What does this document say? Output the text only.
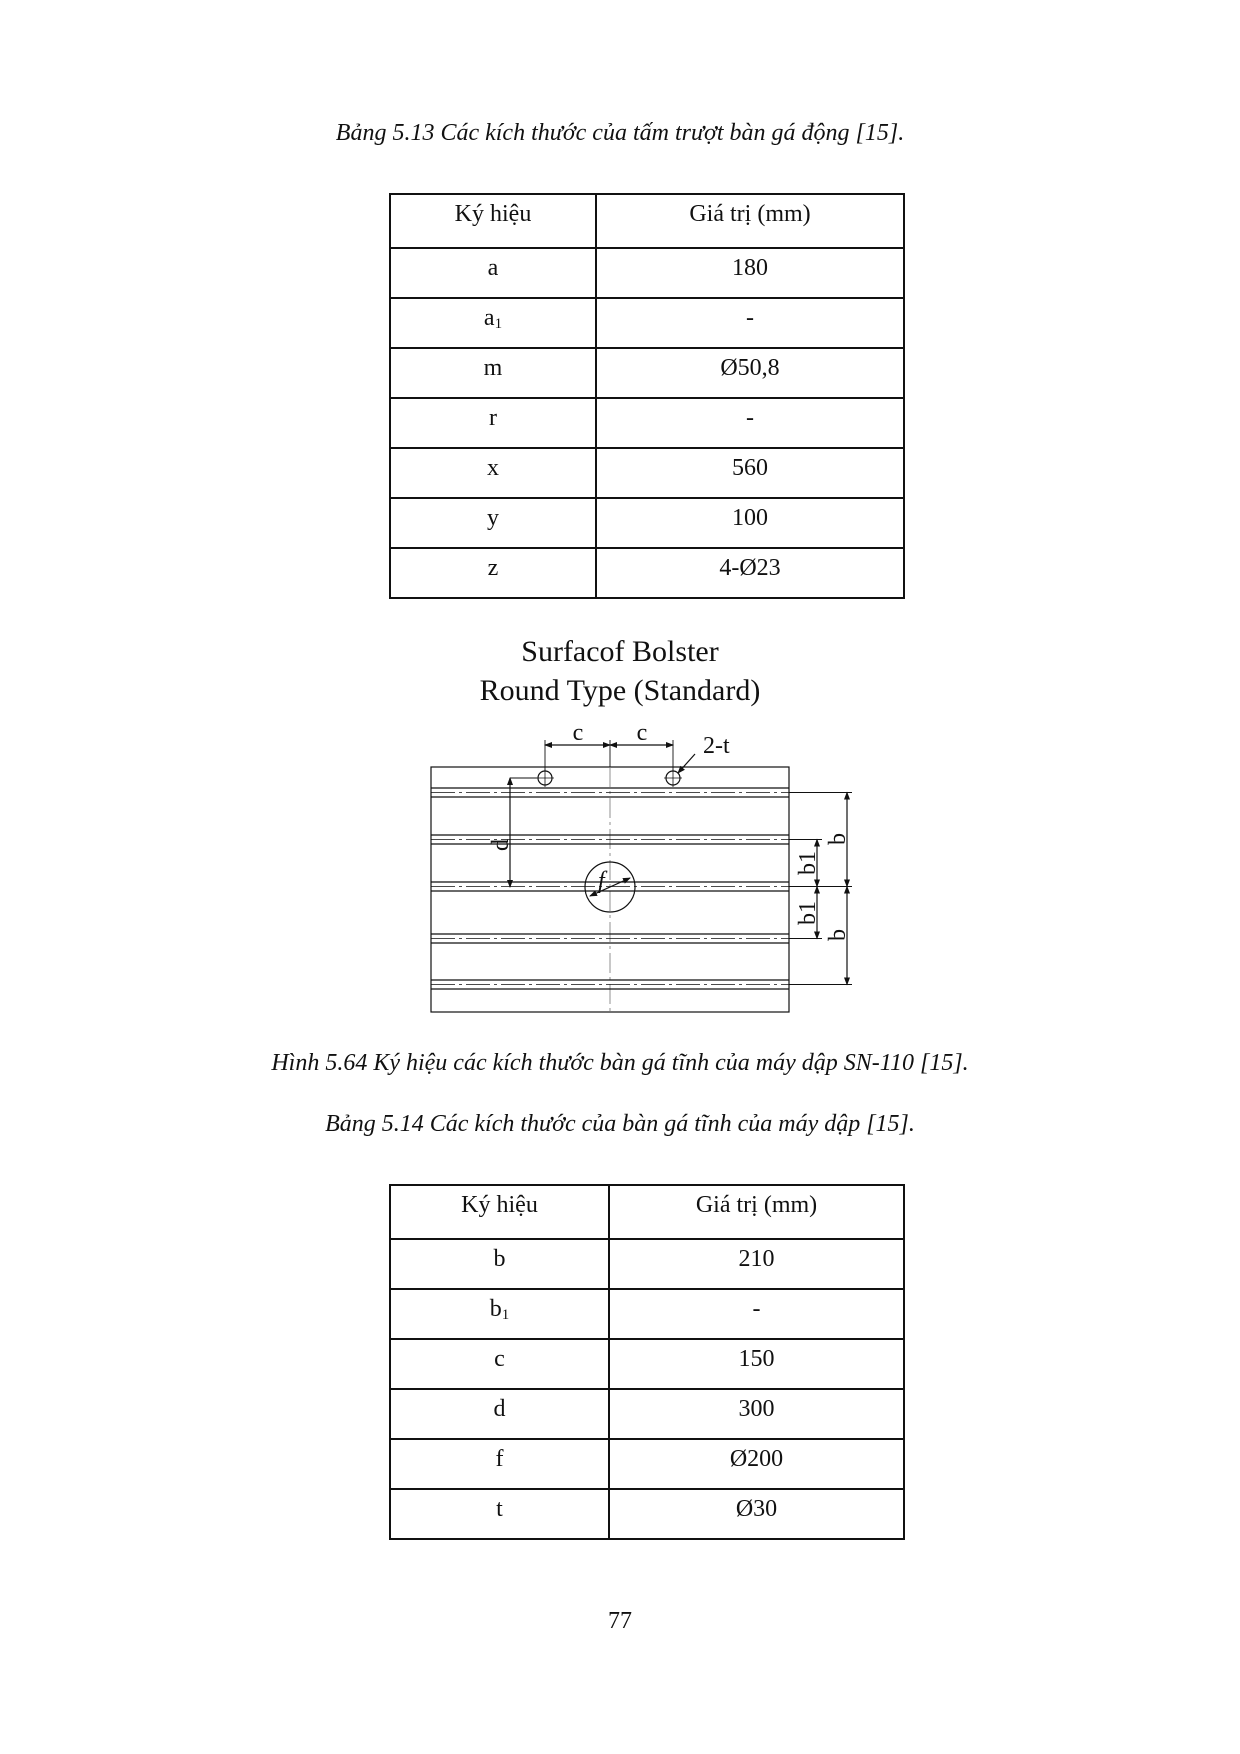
Bảng 5.13 Các kích thước của tấm trượt bàn gá động [15].
Ký hiệu	Giá trị (mm)
a	180
$a_1$	-
m	Ø50,8
r	-
x	560
y	100
z	4-Ø23
Surfacof Bolster
Round Type (Standard)
c c 2-t
d
f
b1
b1
b
b
Hình 5.64 Ký hiệu các kích thước bàn gá tĩnh của máy dập SN-110 [15].
Bảng 5.14 Các kích thước của bàn gá tĩnh của máy dập [15].
Ký hiệu	Giá trị (mm)
b	210
$b_1$	-
c	150
d	300
f	Ø200
t	Ø30
77
